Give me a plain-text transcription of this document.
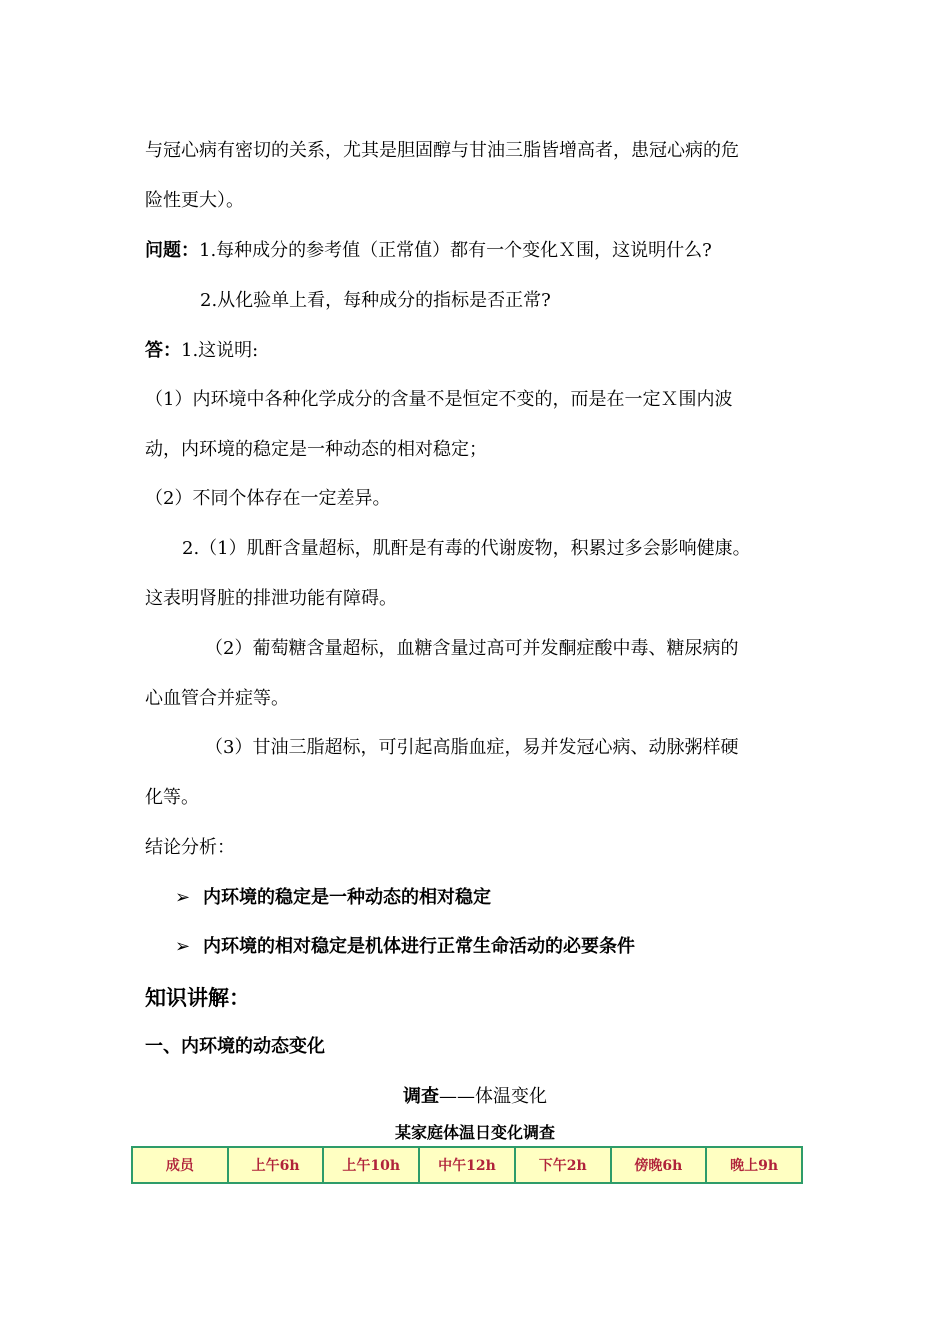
与冠心病有密切的关系，尤其是胆固醇与甘油三脂皆增高者，患冠心病的危
险性更大）。
问题：1.每种成分的参考值（正常值）都有一个变化Ｘ围，这说明什么?
2.从化验单上看，每种成分的指标是否正常?
答：1.这说明:
（1）内环境中各种化学成分的含量不是恒定不变的，而是在一定Ｘ围内波
动，内环境的稳定是一种动态的相对稳定；
（2）不同个体存在一定差异。
2.（1）肌酐含量超标，肌酐是有毒的代谢废物，积累过多会影响健康。
这表明肾脏的排泄功能有障碍。
（2）葡萄糖含量超标，血糖含量过高可并发酮症酸中毒、糖尿病的
心血管合并症等。
（3）甘油三脂超标，可引起高脂血症，易并发冠心病、动脉粥样硬
化等。
结论分析：
➢ 内环境的稳定是一种动态的相对稳定
➢ 内环境的相对稳定是机体进行正常生命活动的必要条件
知识讲解：
一、内环境的动态变化
调查——体温变化
某家庭体温日变化调查
成员	上午6h	上午10h	中午12h	下午2h	傍晚6h	晚上9h
